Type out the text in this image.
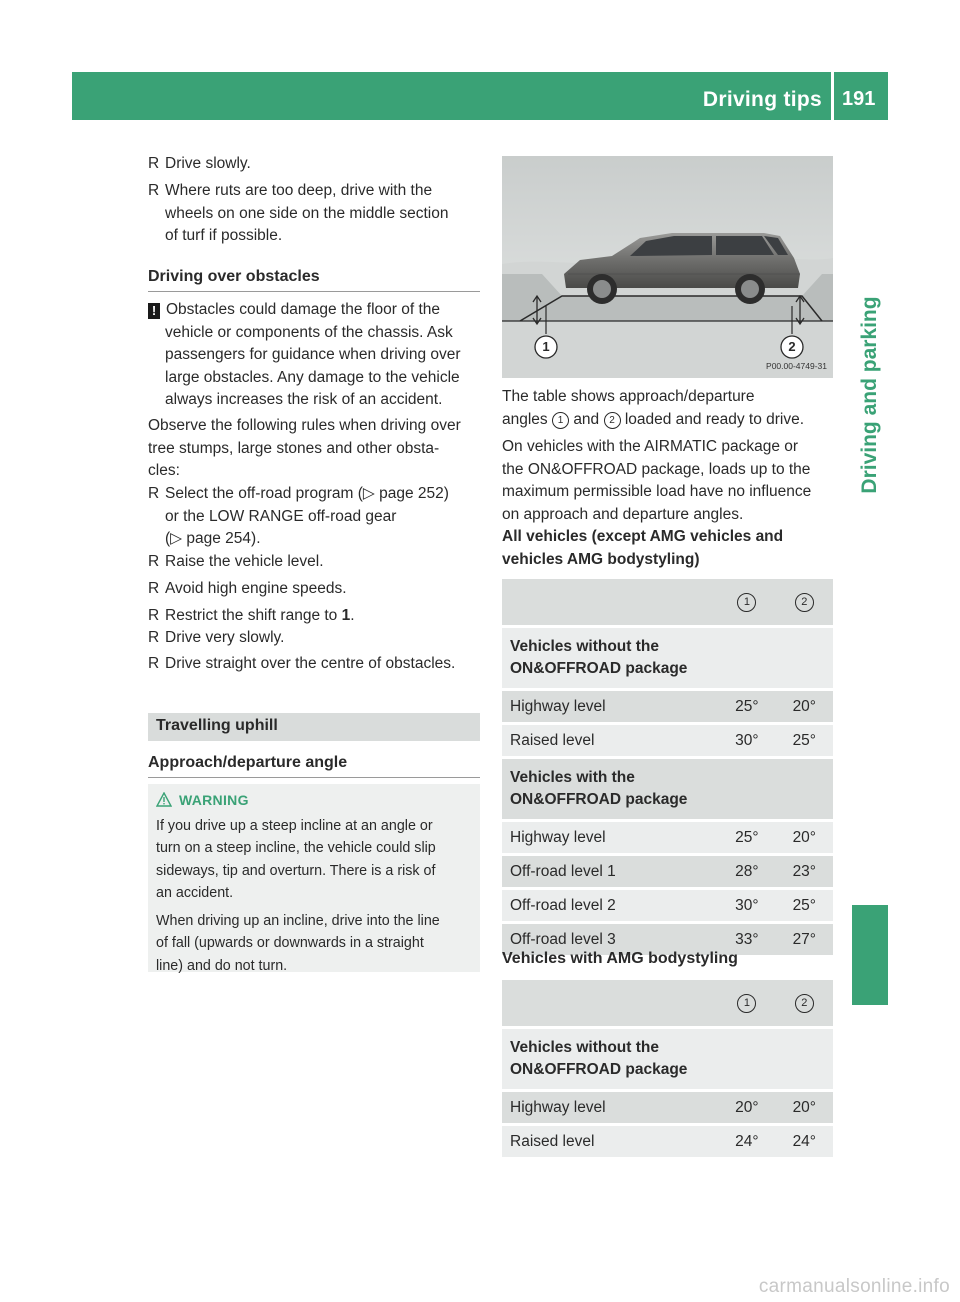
Driving tips 191
Driving and parking
R Drive slowly.
R Where ruts are too deep, drive with the
wheels on one side on the middle section
of turf if possible.
Driving over obstacles
! Obstacles could damage the floor of the
vehicle or components of the chassis. Ask
passengers for guidance when driving over
large obstacles. Any damage to the vehicle
always increases the risk of an accident.
Observe the following rules when driving over
tree stumps, large stones and other obsta-
cles:
R Select the off-road program (▷ page 252)
or the LOW RANGE off-road gear
(▷ page 254).
R Raise the vehicle level.
R Avoid high engine speeds.
R Restrict the shift range to 1.
R Drive very slowly.
R Drive straight over the centre of obstacles.
Travelling uphill
Approach/departure angle
WARNING
If you drive up a steep incline at an angle or
turn on a steep incline, the vehicle could slip
sideways, tip and overturn. There is a risk of
an accident.
When driving up an incline, drive into the line
of fall (upwards or downwards in a straight
line) and do not turn.
1	2
P00.00-4749-31
The table shows approach/departure
angles 1 and 2 loaded and ready to drive.
On vehicles with the AIRMATIC package or
the ON&OFFROAD package, loads up to the
maximum permissible load have no influence
on approach and departure angles.
All vehicles (except AMG vehicles and
vehicles AMG bodystyling)
	1	2

Vehicles without the
ON&OFFROAD package		

Highway level	25°	20°
Raised level	30°	25°

Vehicles with the
ON&OFFROAD package		

Highway level	25°	20°
Off-road level 1	28°	23°
Off-road level 2	30°	25°
Off-road level 3	33°	27°
Vehicles with AMG bodystyling
	1	2

Vehicles without the
ON&OFFROAD package		

Highway level	20°	20°
Raised level	24°	24°
carmanualsonline.info
